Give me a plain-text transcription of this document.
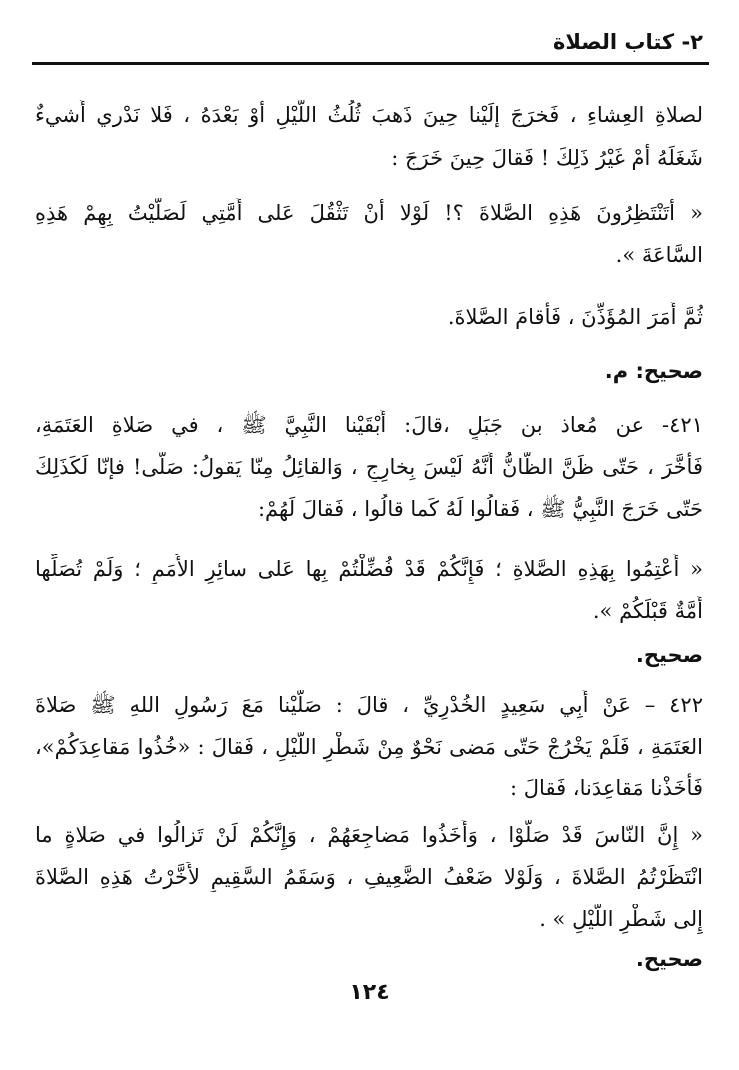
٢- كتاب الصلاة
لصلاةِ العِشاءِ ، فَخرَجَ إلَيْنا حِينَ ذَهبَ ثُلُثُ اللَّيْلِ أوْ بَعْدَهُ ، فَلا نَدْري أَشيءٌ
شَغَلَهُ أمْ غَيْرُ ذَلِكَ ! فَقالَ حِينَ خَرَجَ :
« أتَنْتَظِرُونَ هَذِهِ الصَّلاةَ ؟! لَوْلا أنْ تَثْقُلَ عَلى أُمَّتِي لَصَلَّيْتُ بِهِمْ هَذِهِ
السَّاعَةَ ».
ثُمَّ أَمَرَ المُؤَذِّنَ ، فَأَقامَ الصَّلاةَ.
صحيح: م.
٤٢١- عن مُعاذ بن جَبَلٍ ،قالَ: أَبْقَيْنا النَّبِيَّ ﷺ ، في صَلاةِ العَتَمَةِ،
فَأَخَّرَ ، حَتّى ظَنَّ الظّانُّ أَنَّهُ لَيْسَ بِخارِجٍ ، وَالقائِلُ مِنّا يَقولُ: صَلّى! فإنّا لَكَذَلِكَ
حَتّى خَرَجَ النَّبِيُّ ﷺ ، فَقالُوا لَهُ كَما قالُوا ، فَقالَ لَهُمْ:
« أَعْتِمُوا بِهَذِهِ الصَّلاةِ ؛ فَإِنَّكُمْ قَدْ فُضِّلْتُمْ بِها عَلى سائِرِ الأُمَمِ ؛ وَلَمْ تُصَلِّها
أُمَّةٌ قَبْلَكُمْ ».
صحيح.
٤٢٢ – عَنْ أَبِي سَعِيدٍ الخُدْرِيِّ ، قالَ : صَلَّيْنا مَعَ رَسُولِ اللهِ ﷺ صَلاةَ
العَتَمَةِ ، فَلَمْ يَخْرُجْ حَتّى مَضى نَحْوٌ مِنْ شَطْرِ اللَّيْلِ ، فَقالَ : «خُذُوا مَقاعِدَكُمْ»،
فَأَخَذْنا مَقاعِدَنا، فَقالَ :
« إِنَّ النّاسَ قَدْ صَلَّوْا ، وَأَخَذُوا مَضاجِعَهُمْ ، وَإِنَّكُمْ لَنْ تَزالُوا في صَلاةٍ ما
انْتَظَرْتُمُ الصَّلاةَ ، وَلَوْلا ضَعْفُ الضَّعِيفِ ، وَسَقَمُ السَّقِيمِ لأَخَّرْتُ هَذِهِ الصَّلاةَ
إِلى شَطْرِ اللَّيْلِ » .
صحيح.
١٢٤
